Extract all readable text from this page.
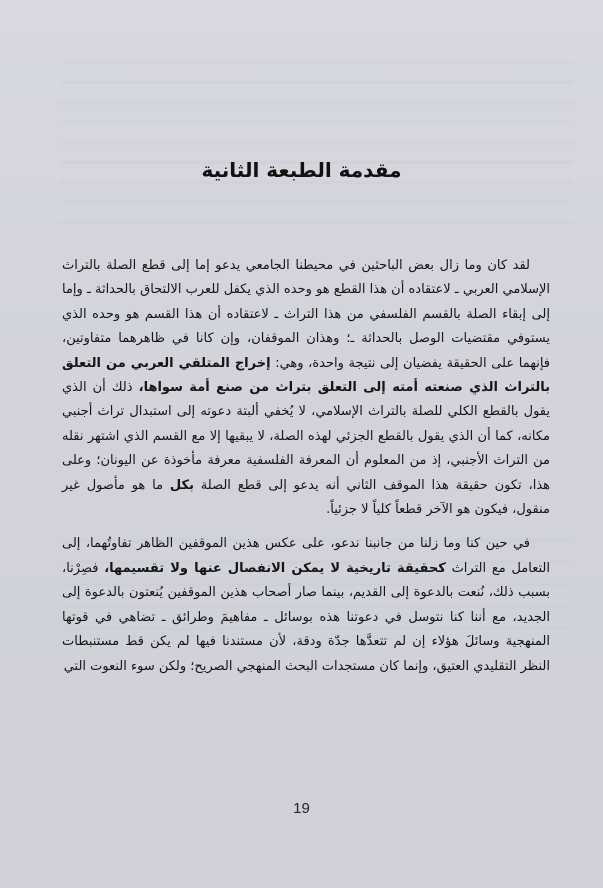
مقدمة الطبعة الثانية

لقد كان وما زال بعض الباحثين في محيطنا الجامعي يدعو إما إلى قطع الصلة بالتراث الإسلامي العربي ـ لاعتقاده أن هذا القطع هو وحده الذي يكفل للعرب الالتحاق بالحداثة ـ وإما إلى إبقاء الصلة بالقسم الفلسفي من هذا التراث ـ لاعتقاده أن هذا القسم هو وحده الذي يستوفي مقتضيات الوصل بالحداثة ـ؛ وهذان الموقفان، وإن كانا في ظاهرهما متفاوتين، فإنهما على الحقيقة يفضيان إلى نتيجة واحدة، وهي: إخراج المتلقي العربي من التعلق بالتراث الذي صنعته أمته إلى التعلق بتراث من صنع أمة سواها، ذلك أن الذي يقول بالقطع الكلي للصلة بالتراث الإسلامي، لا يُخفي ألبتة دعوته إلى استبدال تراث أجنبي مكانه، كما أن الذي يقول بالقطع الجزئي لهذه الصلة، لا يبقيها إلا مع القسم الذي اشتهر نقله من التراث الأجنبي، إذ من المعلوم أن المعرفة الفلسفية معرفة مأخوذة عن اليونان؛ وعلى هذا، تكون حقيقة هذا الموقف الثاني أنه يدعو إلى قطع الصلة بكل ما هو مأصول غير منقول، فيكون هو الآخر قطعاً كلياً لا جزئياً.

في حين كنا وما زلنا من جانبنا ندعو، على عكس هذين الموقفين الظاهر تفاوتُهما، إلى التعامل مع التراث كحقيقة تاريخية لا يمكن الانفصال عنها ولا تقسيمها، فصِرْنا، بسبب ذلك، نُنعت بالدعوة إلى القديم، بينما صار أصحاب هذين الموقفين يُنعتون بالدعوة إلى الجديد، مع أننا كنا نتوسل في دعوتنا هذه بوسائل ـ مفاهيمَ وطرائق ـ تضاهي في قوتها المنهجية وسائلَ هؤلاء إن لم تتعدَّها جدّة ودقة، لأن مستندنا فيها لم يكن قط مستنبطات النظر التقليدي العتيق، وإنما كان مستجدات البحث المنهجي الصريح؛ ولكن سوء النعوت التي

19
